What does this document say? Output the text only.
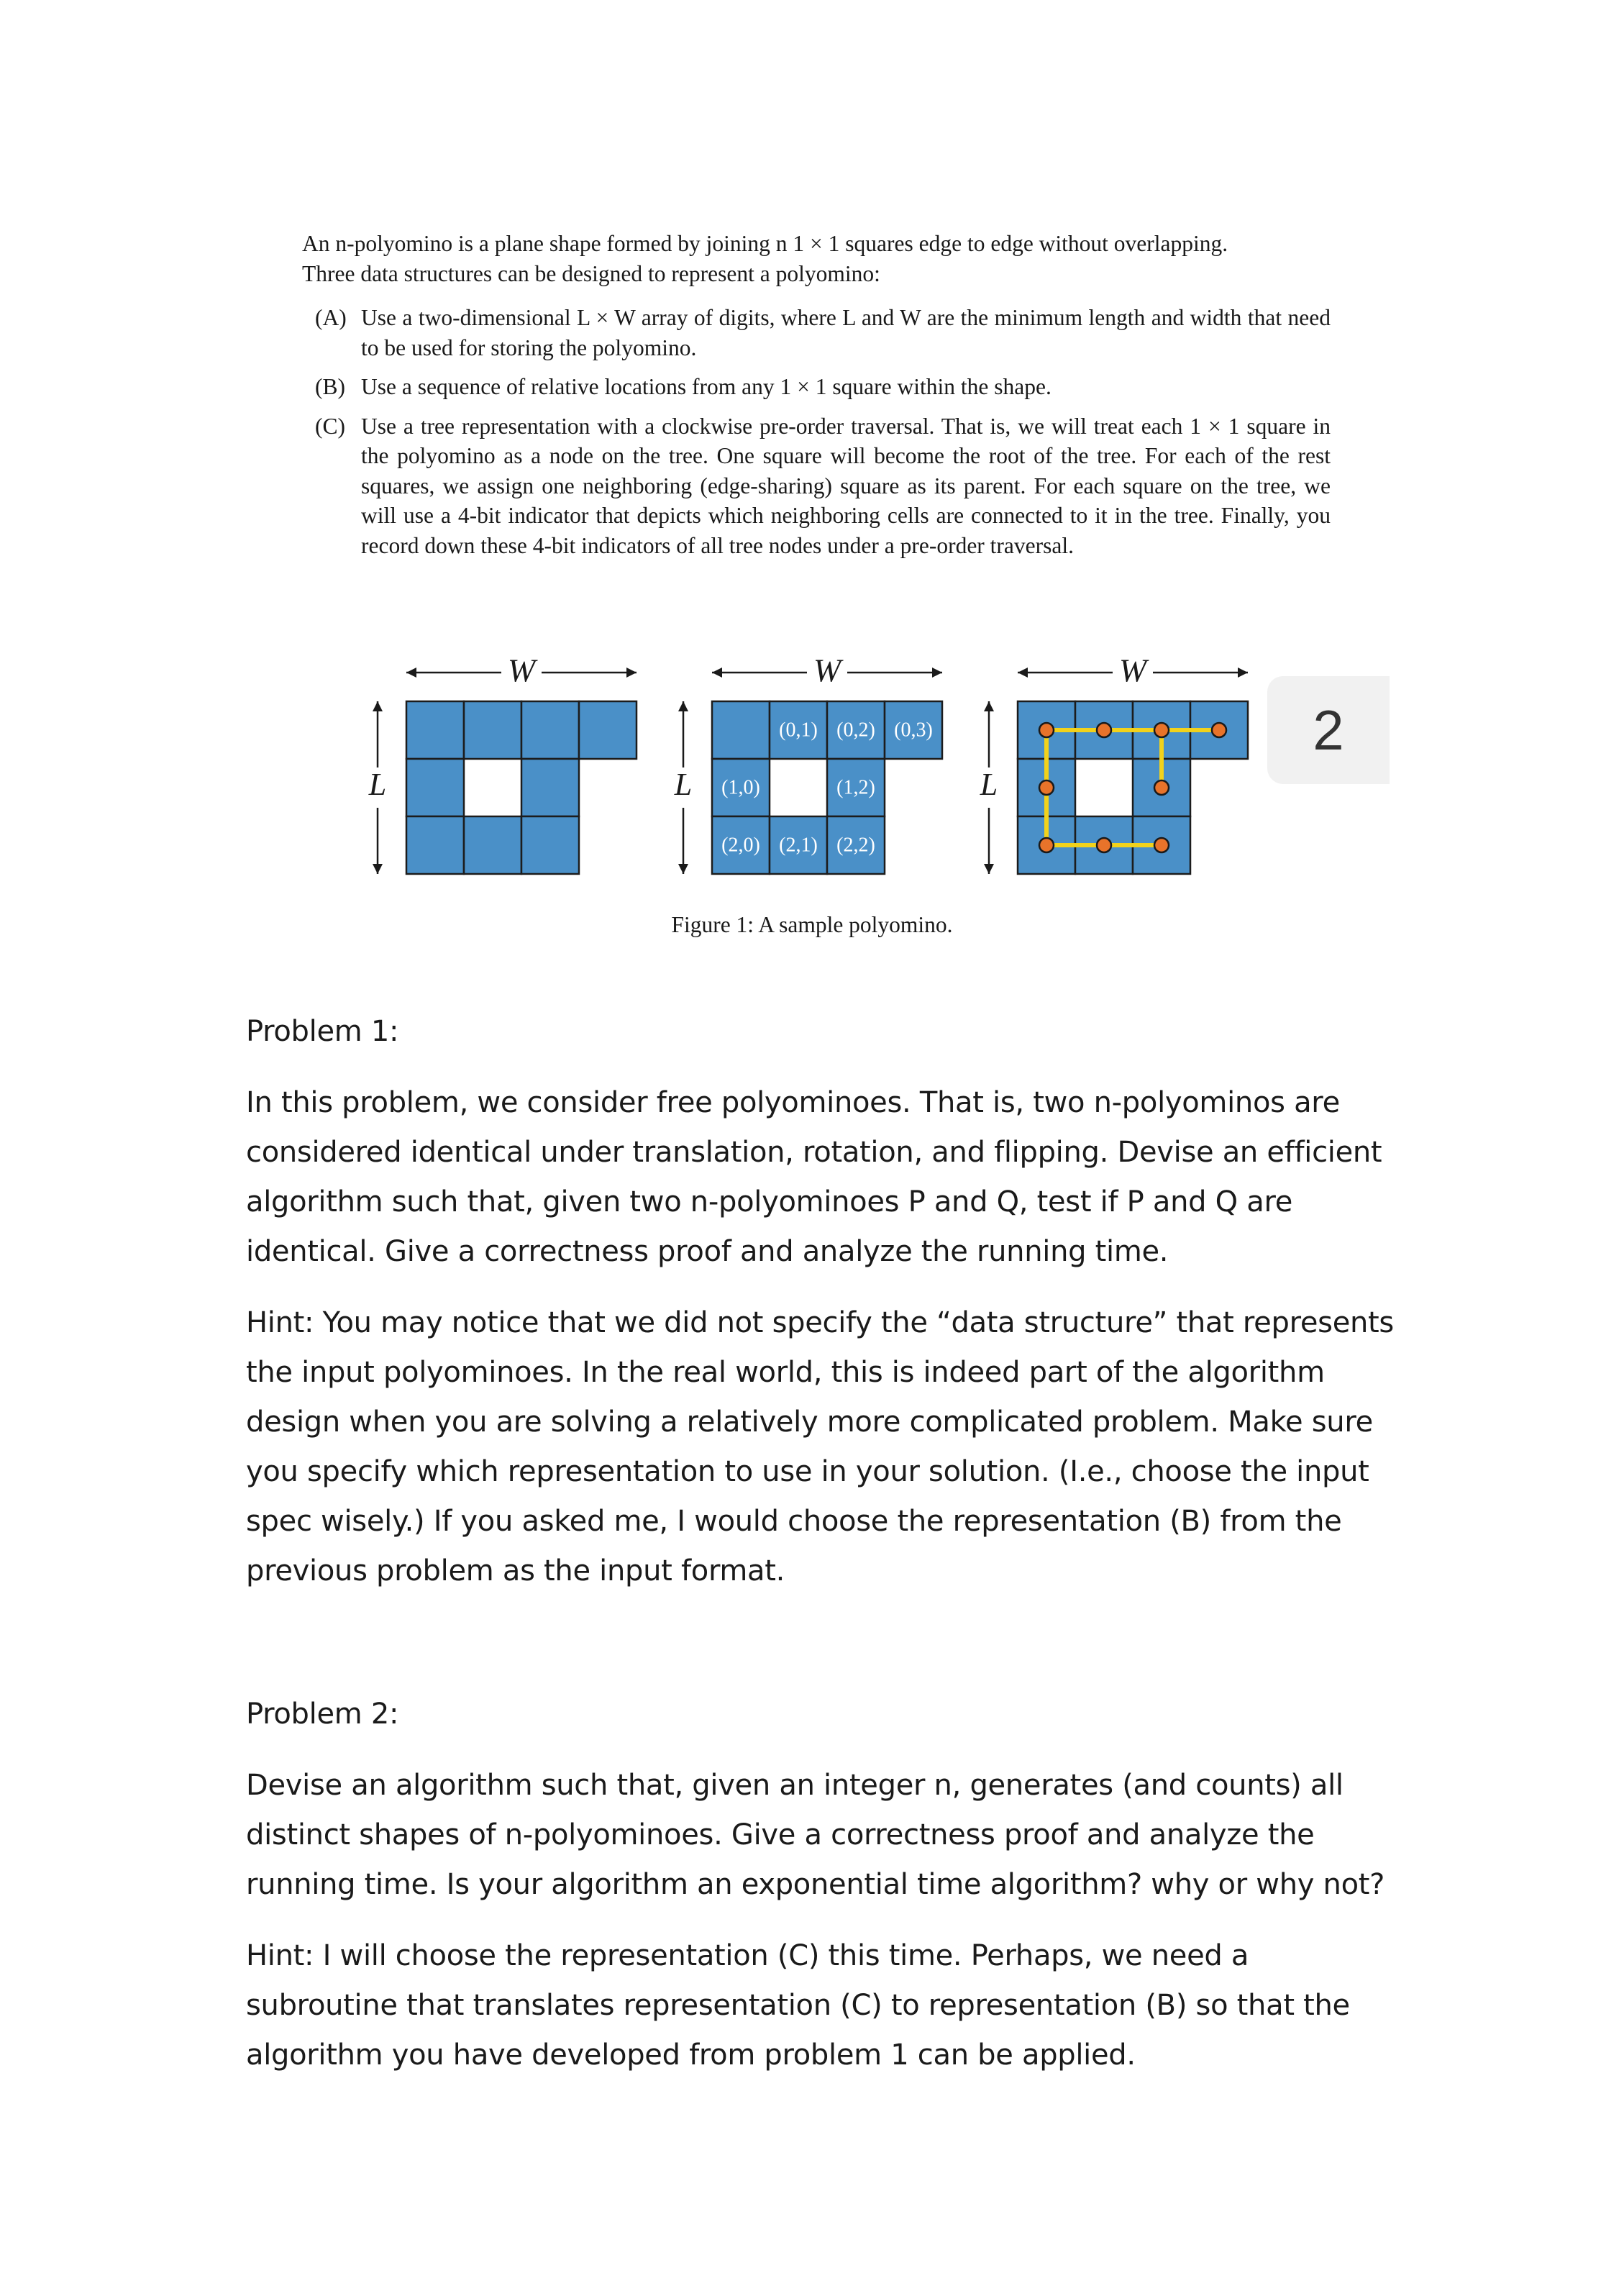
An n-polyomino is a plane shape formed by joining n 1 × 1 squares edge to edge without overlapping.

Three data structures can be designed to represent a polyomino:

(A) Use a two-dimensional L × W array of digits, where L and W are the minimum length and width that need to be used for storing the polyomino.
(B) Use a sequence of relative locations from any 1 × 1 square within the shape.
(C) Use a tree representation with a clockwise pre-order traversal. That is, we will treat each 1 × 1 square in the polyomino as a node on the tree. One square will become the root of the tree. For each of the rest squares, we assign one neighboring (edge-sharing) square as its parent. For each square on the tree, we will use a 4-bit indicator that depicts which neighboring cells are connected to it in the tree. Finally, you record down these 4-bit indicators of all tree nodes under a pre-order traversal.
W
L
W
L
(0,1) (0,2) (0,3)
(1,0)	(1,2)
(2,0) (2,1) (2,2)
W
L
2
Figure 1: A sample polyomino.

Problem 1:

In this problem, we consider free polyominoes. That is, two n-polyominos are

considered identical under translation, rotation, and flipping. Devise an efficient

algorithm such that, given two n-polyominoes P and Q, test if P and Q are

identical. Give a correctness proof and analyze the running time.

Hint: You may notice that we did not specify the “data structure” that represents

the input polyominoes. In the real world, this is indeed part of the algorithm

design when you are solving a relatively more complicated problem. Make sure

you specify which representation to use in your solution. (I.e., choose the input

spec wisely.) If you asked me, I would choose the representation (B) from the

previous problem as the input format.

Problem 2:

Devise an algorithm such that, given an integer n, generates (and counts) all

distinct shapes of n-polyominoes. Give a correctness proof and analyze the

running time. Is your algorithm an exponential time algorithm? why or why not?

Hint: I will choose the representation (C) this time. Perhaps, we need a

subroutine that translates representation (C) to representation (B) so that the

algorithm you have developed from problem 1 can be applied.
